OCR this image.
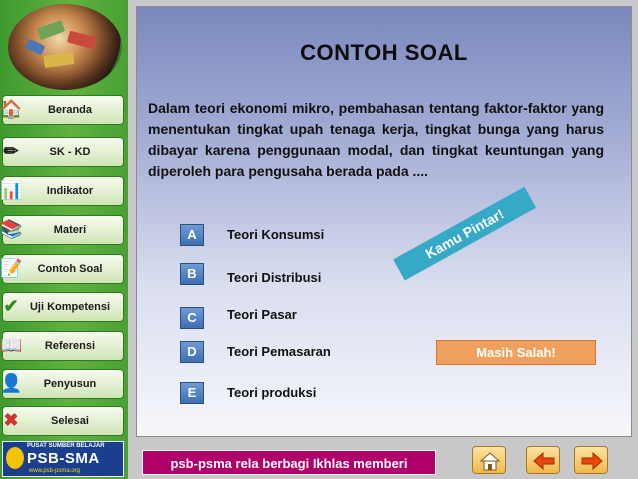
🏠	Beranda
✏	SK - KD
📊	Indikator
📚	Materi
📝	Contoh Soal
✔	Uji Kompetensi
📖	Referensi
👤	Penyusun
✖	Selesai
PUSAT SUMBER BELAJAR
PSB-SMA
www.psb-psma.org
CONTOH SOAL
Dalam teori ekonomi mikro, pembahasan tentang faktor-faktor yang menentukan tingkat upah tenaga kerja, tingkat bunga yang harus dibayar karena penggunaan modal, dan tingkat keuntungan yang diperoleh para pengusaha berada pada ....
A	Teori Konsumsi
B	Teori Distribusi
C	Teori Pasar
D	Teori Pemasaran
E	Teori produksi
Kamu Pintar!
Masih Salah!
psb-psma rela berbagi Ikhlas memberi
